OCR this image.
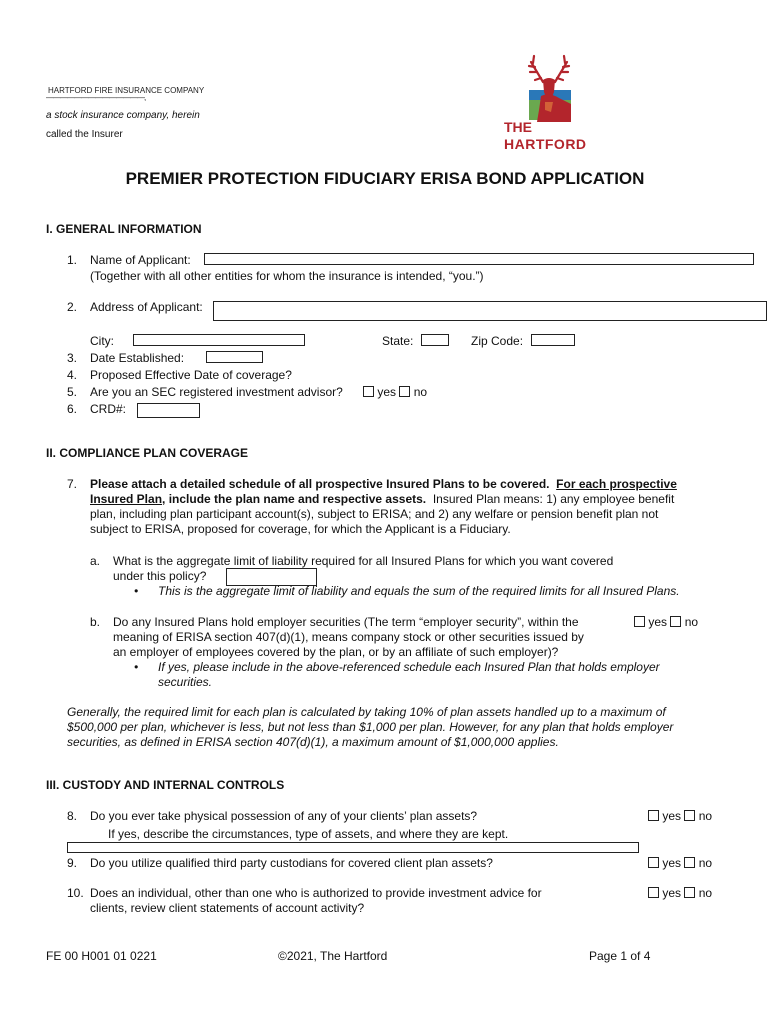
HARTFORD FIRE INSURANCE COMPANY
——————————————,
a stock insurance company, herein
called the Insurer	THE
HARTFORD
PREMIER PROTECTION FIDUCIARY ERISA BOND APPLICATION
I. GENERAL INFORMATION
1. Name of Applicant:
(Together with all other entities for whom the insurance is intended, “you.”)
2. Address of Applicant:
City:	State:	Zip Code:
3. Date Established:
4. Proposed Effective Date of coverage?
5. Are you an SEC registered investment advisor?	yes no
6. CRD#:
II. COMPLIANCE PLAN COVERAGE
7. Please attach a detailed schedule of all prospective Insured Plans to be covered. For each prospective
Insured Plan, include the plan name and respective assets. Insured Plan means: 1) any employee benefit
plan, including plan participant account(s), subject to ERISA; and 2) any welfare or pension benefit plan not
subject to ERISA, proposed for coverage, for which the Applicant is a Fiduciary.
a. What is the aggregate limit of liability required for all Insured Plans for which you want covered
under this policy?
• This is the aggregate limit of liability and equals the sum of the required limits for all Insured Plans.
b. Do any Insured Plans hold employer securities (The term “employer security”, within the	yes no
meaning of ERISA section 407(d)(1), means company stock or other securities issued by
an employer of employees covered by the plan, or by an affiliate of such employer)?
• If yes, please include in the above-referenced schedule each Insured Plan that holds employer
securities.
Generally, the required limit for each plan is calculated by taking 10% of plan assets handled up to a maximum of
$500,000 per plan, whichever is less, but not less than $1,000 per plan. However, for any plan that holds employer
securities, as defined in ERISA section 407(d)(1), a maximum amount of $1,000,000 applies.
III. CUSTODY AND INTERNAL CONTROLS
8. Do you ever take physical possession of any of your clients’ plan assets?	yes no
If yes, describe the circumstances, type of assets, and where they are kept.
9. Do you utilize qualified third party custodians for covered client plan assets?	yes no
10. Does an individual, other than one who is authorized to provide investment advice for	yes no
clients, review client statements of account activity?
FE 00 H001 01 0221	©2021, The Hartford	Page 1 of 4
